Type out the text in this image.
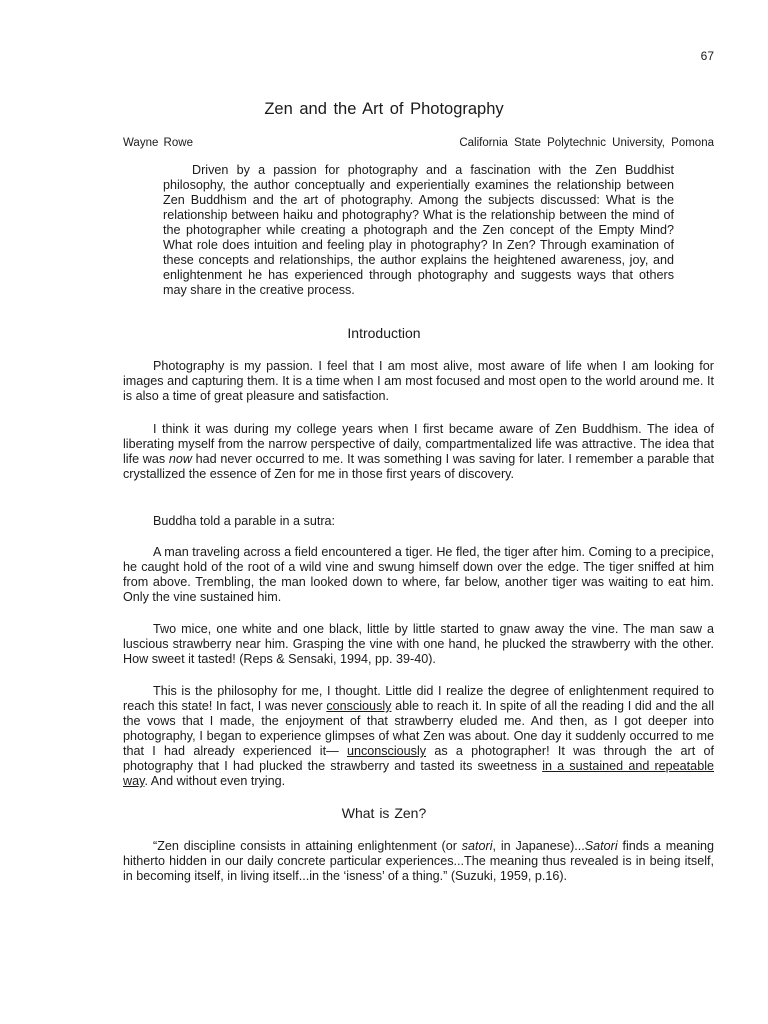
67
Zen and the Art of Photography
Wayne Rowe	California State Polytechnic University, Pomona

Driven by a passion for photography and a fascination with the Zen Buddhist philosophy, the author conceptually and experientially examines the relationship between Zen Buddhism and the art of photography. Among the subjects discussed: What is the relationship between haiku and photography? What is the relationship between the mind of the photographer while creating a photograph and the Zen concept of the Empty Mind? What role does intuition and feeling play in photography? In Zen? Through examination of these concepts and relationships, the author explains the heightened awareness, joy, and enlightenment he has experienced through photography and suggests ways that others may share in the creative process.

Introduction

Photography is my passion. I feel that I am most alive, most aware of life when I am looking for images and capturing them. It is a time when I am most focused and most open to the world around me. It is also a time of great pleasure and satisfaction.

I think it was during my college years when I first became aware of Zen Buddhism. The idea of liberating myself from the narrow perspective of daily, compartmentalized life was attractive. The idea that life was now had never occurred to me. It was something I was saving for later. I remember a parable that crystallized the essence of Zen for me in those first years of discovery.

Buddha told a parable in a sutra:

A man traveling across a field encountered a tiger. He fled, the tiger after him. Coming to a precipice, he caught hold of the root of a wild vine and swung himself down over the edge. The tiger sniffed at him from above. Trembling, the man looked down to where, far below, another tiger was waiting to eat him. Only the vine sustained him.

Two mice, one white and one black, little by little started to gnaw away the vine. The man saw a luscious strawberry near him. Grasping the vine with one hand, he plucked the strawberry with the other. How sweet it tasted! (Reps & Sensaki, 1994, pp. 39-40).

This is the philosophy for me, I thought. Little did I realize the degree of enlightenment required to reach this state! In fact, I was never consciously able to reach it. In spite of all the reading I did and the all the vows that I made, the enjoyment of that strawberry eluded me. And then, as I got deeper into photography, I began to experience glimpses of what Zen was about. One day it suddenly occurred to me that I had already experienced it— unconsciously as a photographer! It was through the art of photography that I had plucked the strawberry and tasted its sweetness in a sustained and repeatable way. And without even trying.

What is Zen?

“Zen discipline consists in attaining enlightenment (or satori, in Japanese)...Satori finds a meaning hitherto hidden in our daily concrete particular experiences...The meaning thus revealed is in being itself, in becoming itself, in living itself...in the ‘isness’ of a thing.” (Suzuki, 1959, p.16).
